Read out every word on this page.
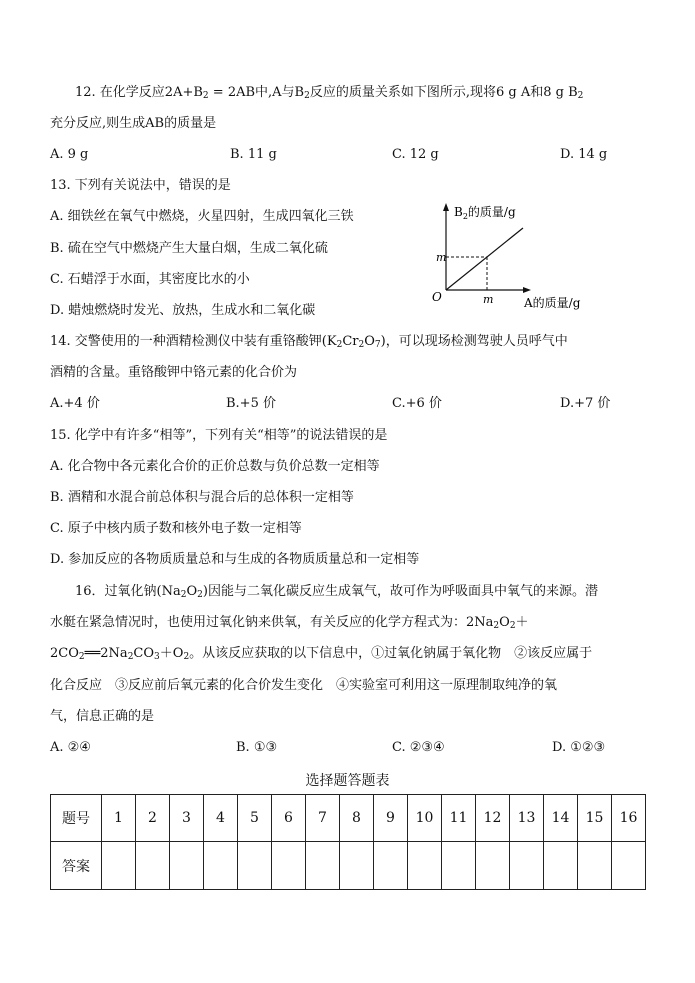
12. 在化学反应$2A+B_2 = 2AB$中,A与$B_2$反应的质量关系如下图所示,现将6 g A和8 g $B_2$
充分反应,则生成AB的质量是
A. 9 g	B. 11 g	C. 12 g	D. 14 g
13. 下列有关说法中，错误的是
A. 细铁丝在氧气中燃烧，火星四射，生成四氧化三铁
B. 硫在空气中燃烧产生大量白烟，生成二氧化硫
C. 石蜡浮于水面，其密度比水的小
D. 蜡烛燃烧时发光、放热，生成水和二氧化碳
$B_2$的质量/g
m
O	m	A的质量/g
14. 交警使用的一种酒精检测仪中装有重铬酸钾$(K_2Cr_2O_7)$，可以现场检测驾驶人员呼气中
酒精的含量。重铬酸钾中铬元素的化合价为
A.+4 价	B.+5 价	C.+6 价	D.+7 价
15. 化学中有许多“相等”，下列有关“相等”的说法错误的是
A. 化合物中各元素化合价的正价总数与负价总数一定相等
B. 酒精和水混合前总体积与混合后的总体积一定相等
C. 原子中核内质子数和核外电子数一定相等
D. 参加反应的各物质质量总和与生成的各物质质量总和一定相等
16．过氧化钠$(Na_2O_2)$因能与二氧化碳反应生成氧气，故可作为呼吸面具中氧气的来源。潜
水艇在紧急情况时，也使用过氧化钠来供氧，有关反应的化学方程式为：$2Na_2O_2+$
$2CO_2══2Na_2CO_3+O_2$。从该反应获取的以下信息中，①过氧化钠属于氧化物　②该反应属于
化合反应　③反应前后氧元素的化合价发生变化　④实验室可利用这一原理制取纯净的氧
气，信息正确的是
A. ②④	B. ①③	C. ②③④	D. ①②③
选择题答题表
题号	1	2	3	4	5	6	7	8	9	10	11	12	13	14	15	16
答案																
